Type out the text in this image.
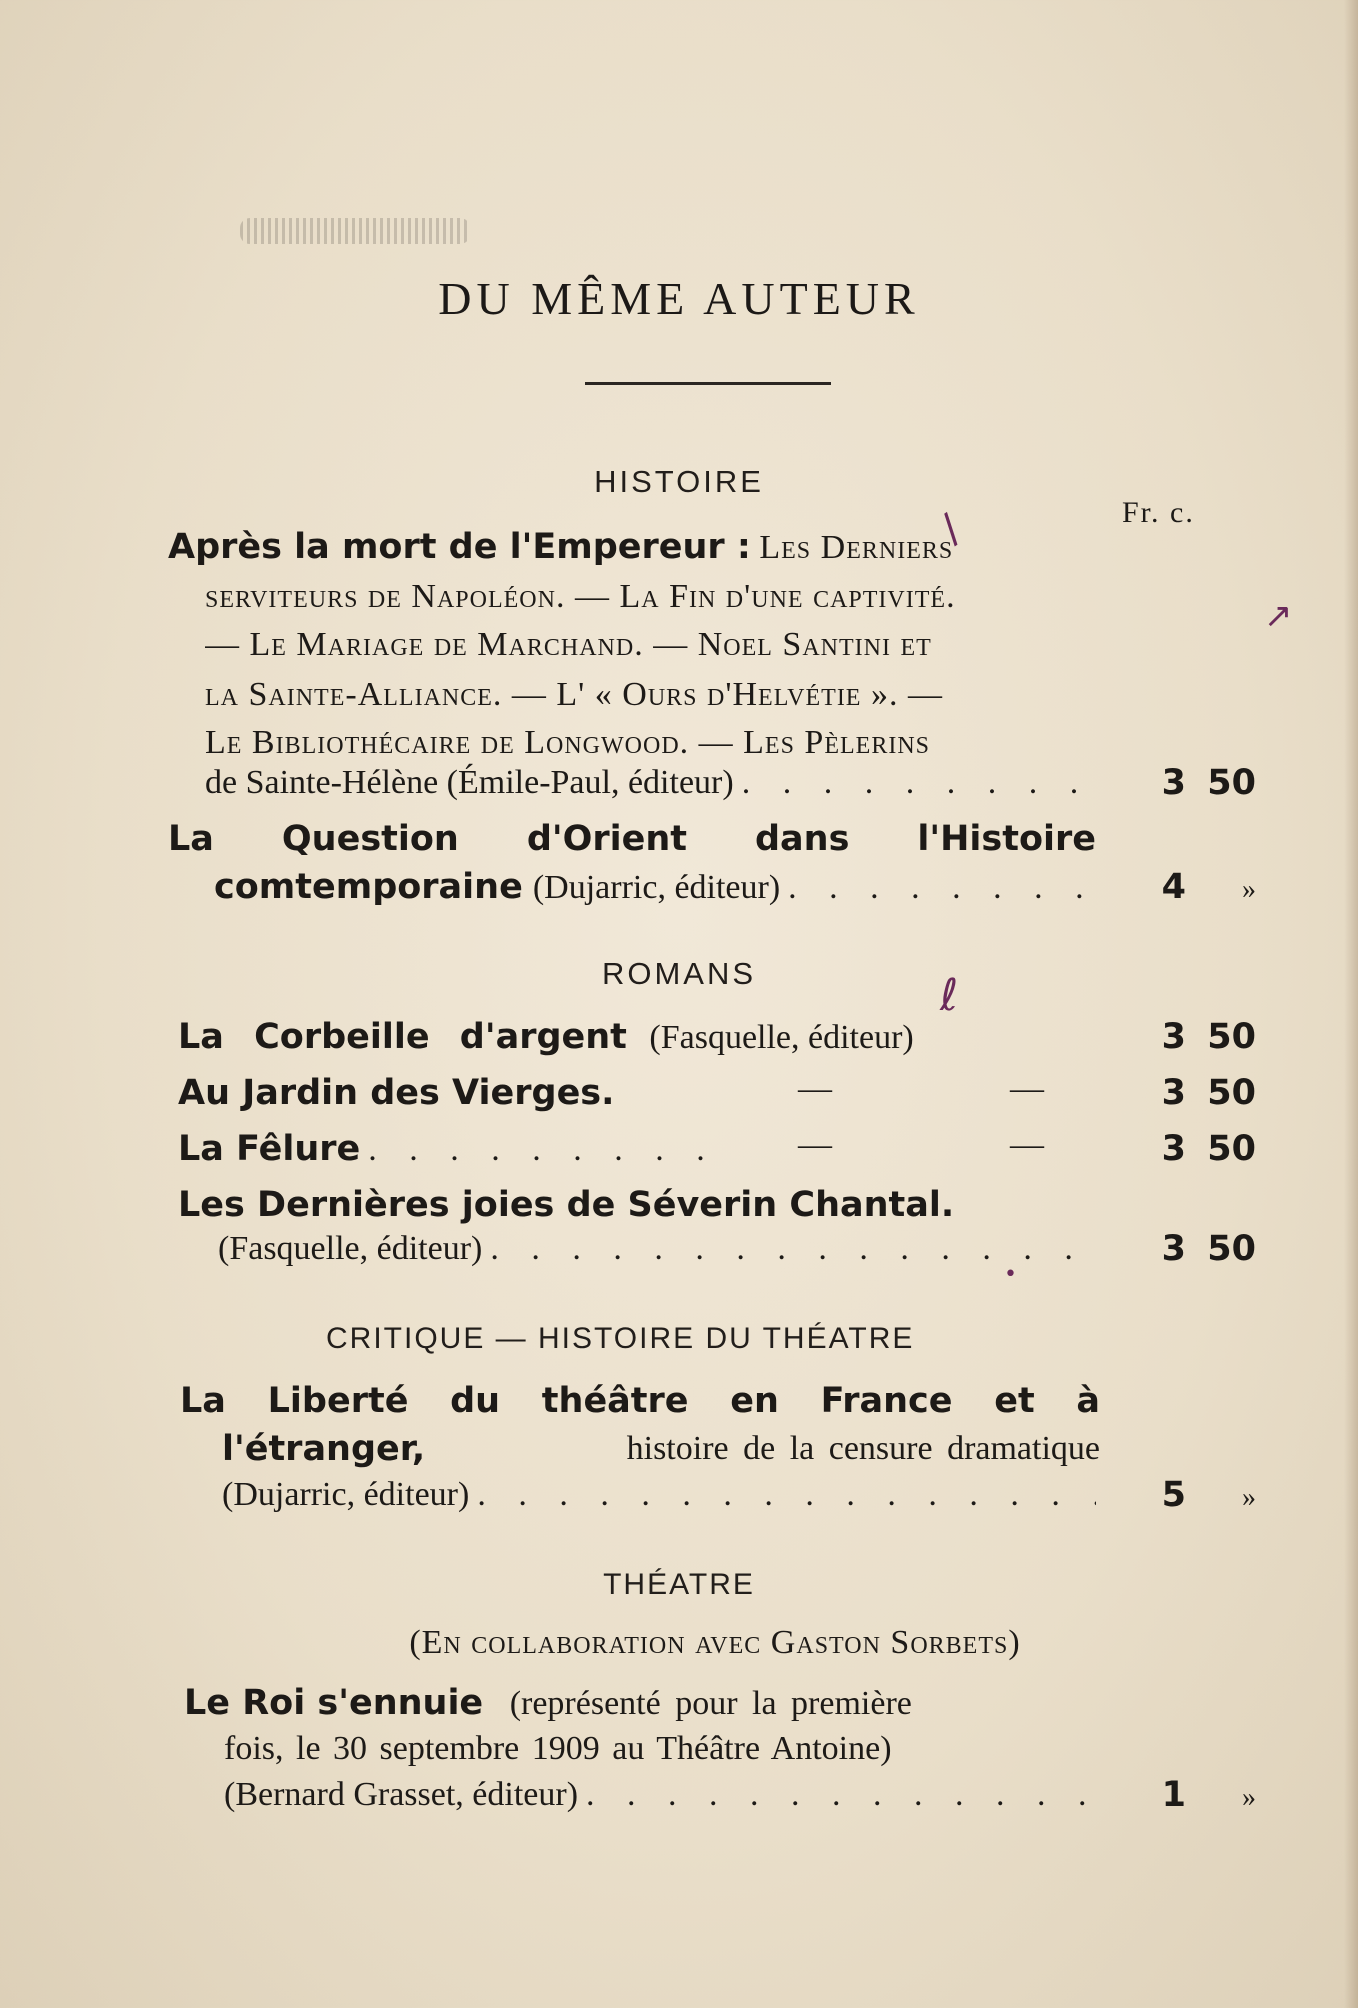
DU MÊME AUTEUR
HISTOIRE
Fr. c.
Après la mort de l'Empereur : Les Derniers
serviteurs de Napoléon. — La Fin d'une captivité.
— Le Mariage de Marchand. — Noel Santini et
la Sainte-Alliance. — L' « Ours d'Helvétie ». —
Le Bibliothécaire de Longwood. — Les Pèlerins
de Sainte-Hélène (Émile-Paul, éditeur) . . .	3 50
La Question d'Orient dans l'Histoire
comtemporaine (Dujarric, éditeur) . . .	4 »
ROMANS
La Corbeille d'argent (Fasquelle, éditeur)	3 50
Au Jardin des Vierges.	—	—	3 50
La Fêlure . . .	—	—	3 50
Les Dernières joies de Séverin Chantal.
(Fasquelle, éditeur) . . .	3 50
CRITIQUE — HISTOIRE DU THÉATRE
La Liberté du théâtre en France et à
l'étranger,	histoire de la censure dramatique
(Dujarric, éditeur) . . .	5 »
THÉATRE
(En collaboration avec Gaston Sorbets)
Le Roi s'ennuie (représenté pour la première
fois, le 30 septembre 1909 au Théâtre Antoine)
(Bernard Grasset, éditeur) . . .	1 »
/
↗
ℓ
•
